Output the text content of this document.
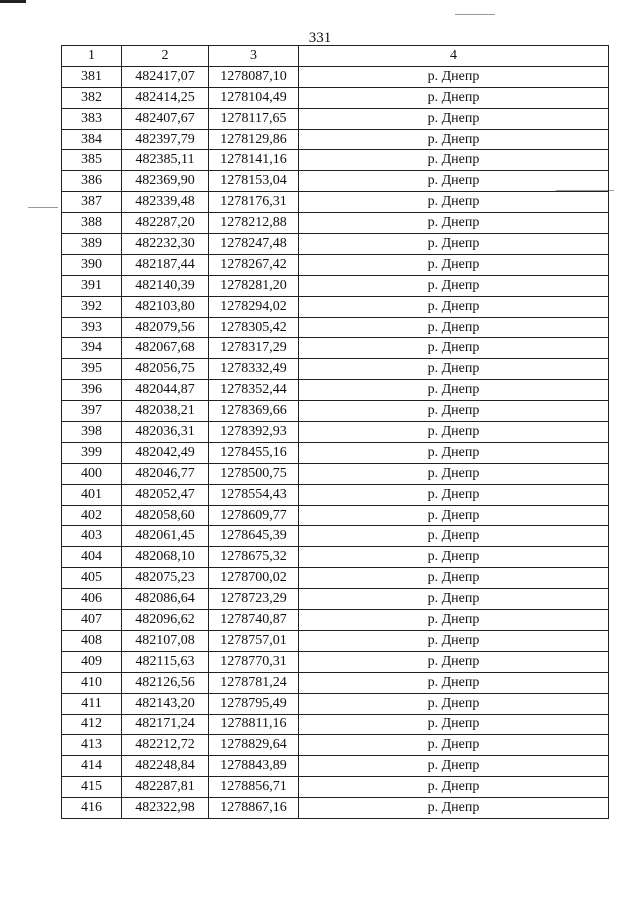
331
1	2	3	4
381	482417,07	1278087,10	р. Днепр
382	482414,25	1278104,49	р. Днепр
383	482407,67	1278117,65	р. Днепр
384	482397,79	1278129,86	р. Днепр
385	482385,11	1278141,16	р. Днепр
386	482369,90	1278153,04	р. Днепр
387	482339,48	1278176,31	р. Днепр
388	482287,20	1278212,88	р. Днепр
389	482232,30	1278247,48	р. Днепр
390	482187,44	1278267,42	р. Днепр
391	482140,39	1278281,20	р. Днепр
392	482103,80	1278294,02	р. Днепр
393	482079,56	1278305,42	р. Днепр
394	482067,68	1278317,29	р. Днепр
395	482056,75	1278332,49	р. Днепр
396	482044,87	1278352,44	р. Днепр
397	482038,21	1278369,66	р. Днепр
398	482036,31	1278392,93	р. Днепр
399	482042,49	1278455,16	р. Днепр
400	482046,77	1278500,75	р. Днепр
401	482052,47	1278554,43	р. Днепр
402	482058,60	1278609,77	р. Днепр
403	482061,45	1278645,39	р. Днепр
404	482068,10	1278675,32	р. Днепр
405	482075,23	1278700,02	р. Днепр
406	482086,64	1278723,29	р. Днепр
407	482096,62	1278740,87	р. Днепр
408	482107,08	1278757,01	р. Днепр
409	482115,63	1278770,31	р. Днепр
410	482126,56	1278781,24	р. Днепр
411	482143,20	1278795,49	р. Днепр
412	482171,24	1278811,16	р. Днепр
413	482212,72	1278829,64	р. Днепр
414	482248,84	1278843,89	р. Днепр
415	482287,81	1278856,71	р. Днепр
416	482322,98	1278867,16	р. Днепр
